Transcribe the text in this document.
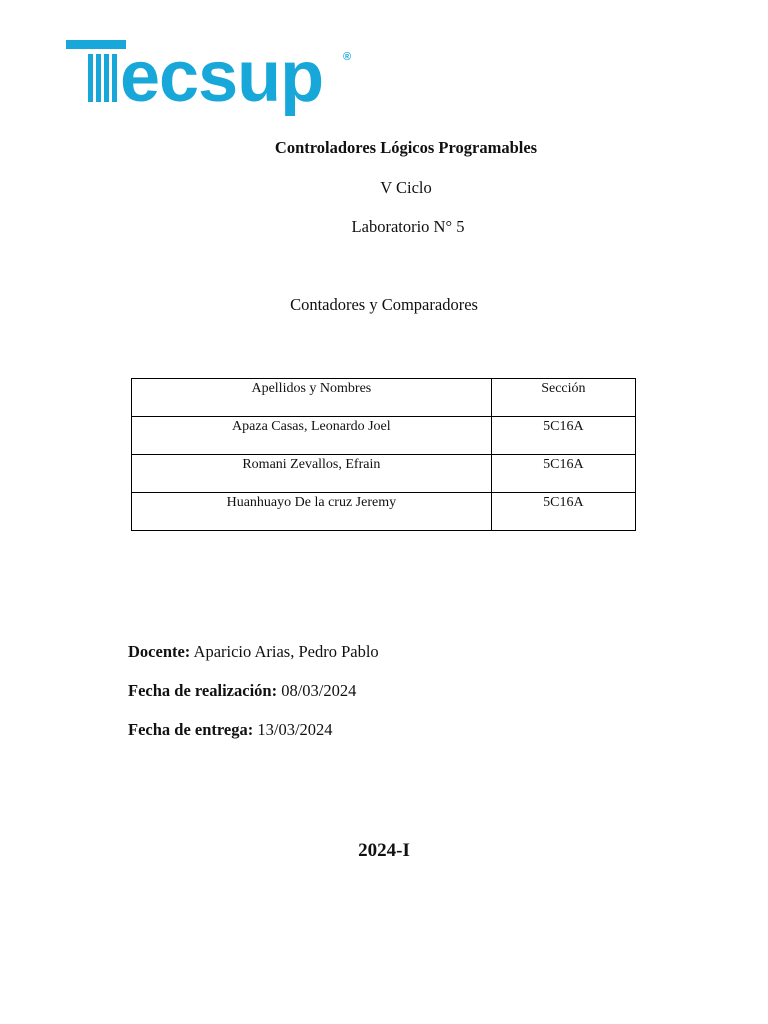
ecsup ®
Controladores Lógicos Programables
V Ciclo
Laboratorio N° 5
Contadores y Comparadores
Apellidos y Nombres	Sección
Apaza Casas, Leonardo Joel	5C16A
Romani Zevallos, Efrain	5C16A
Huanhuayo De la cruz Jeremy	5C16A
Docente: Aparicio Arias, Pedro Pablo
Fecha de realización: 08/03/2024
Fecha de entrega: 13/03/2024
2024-I
